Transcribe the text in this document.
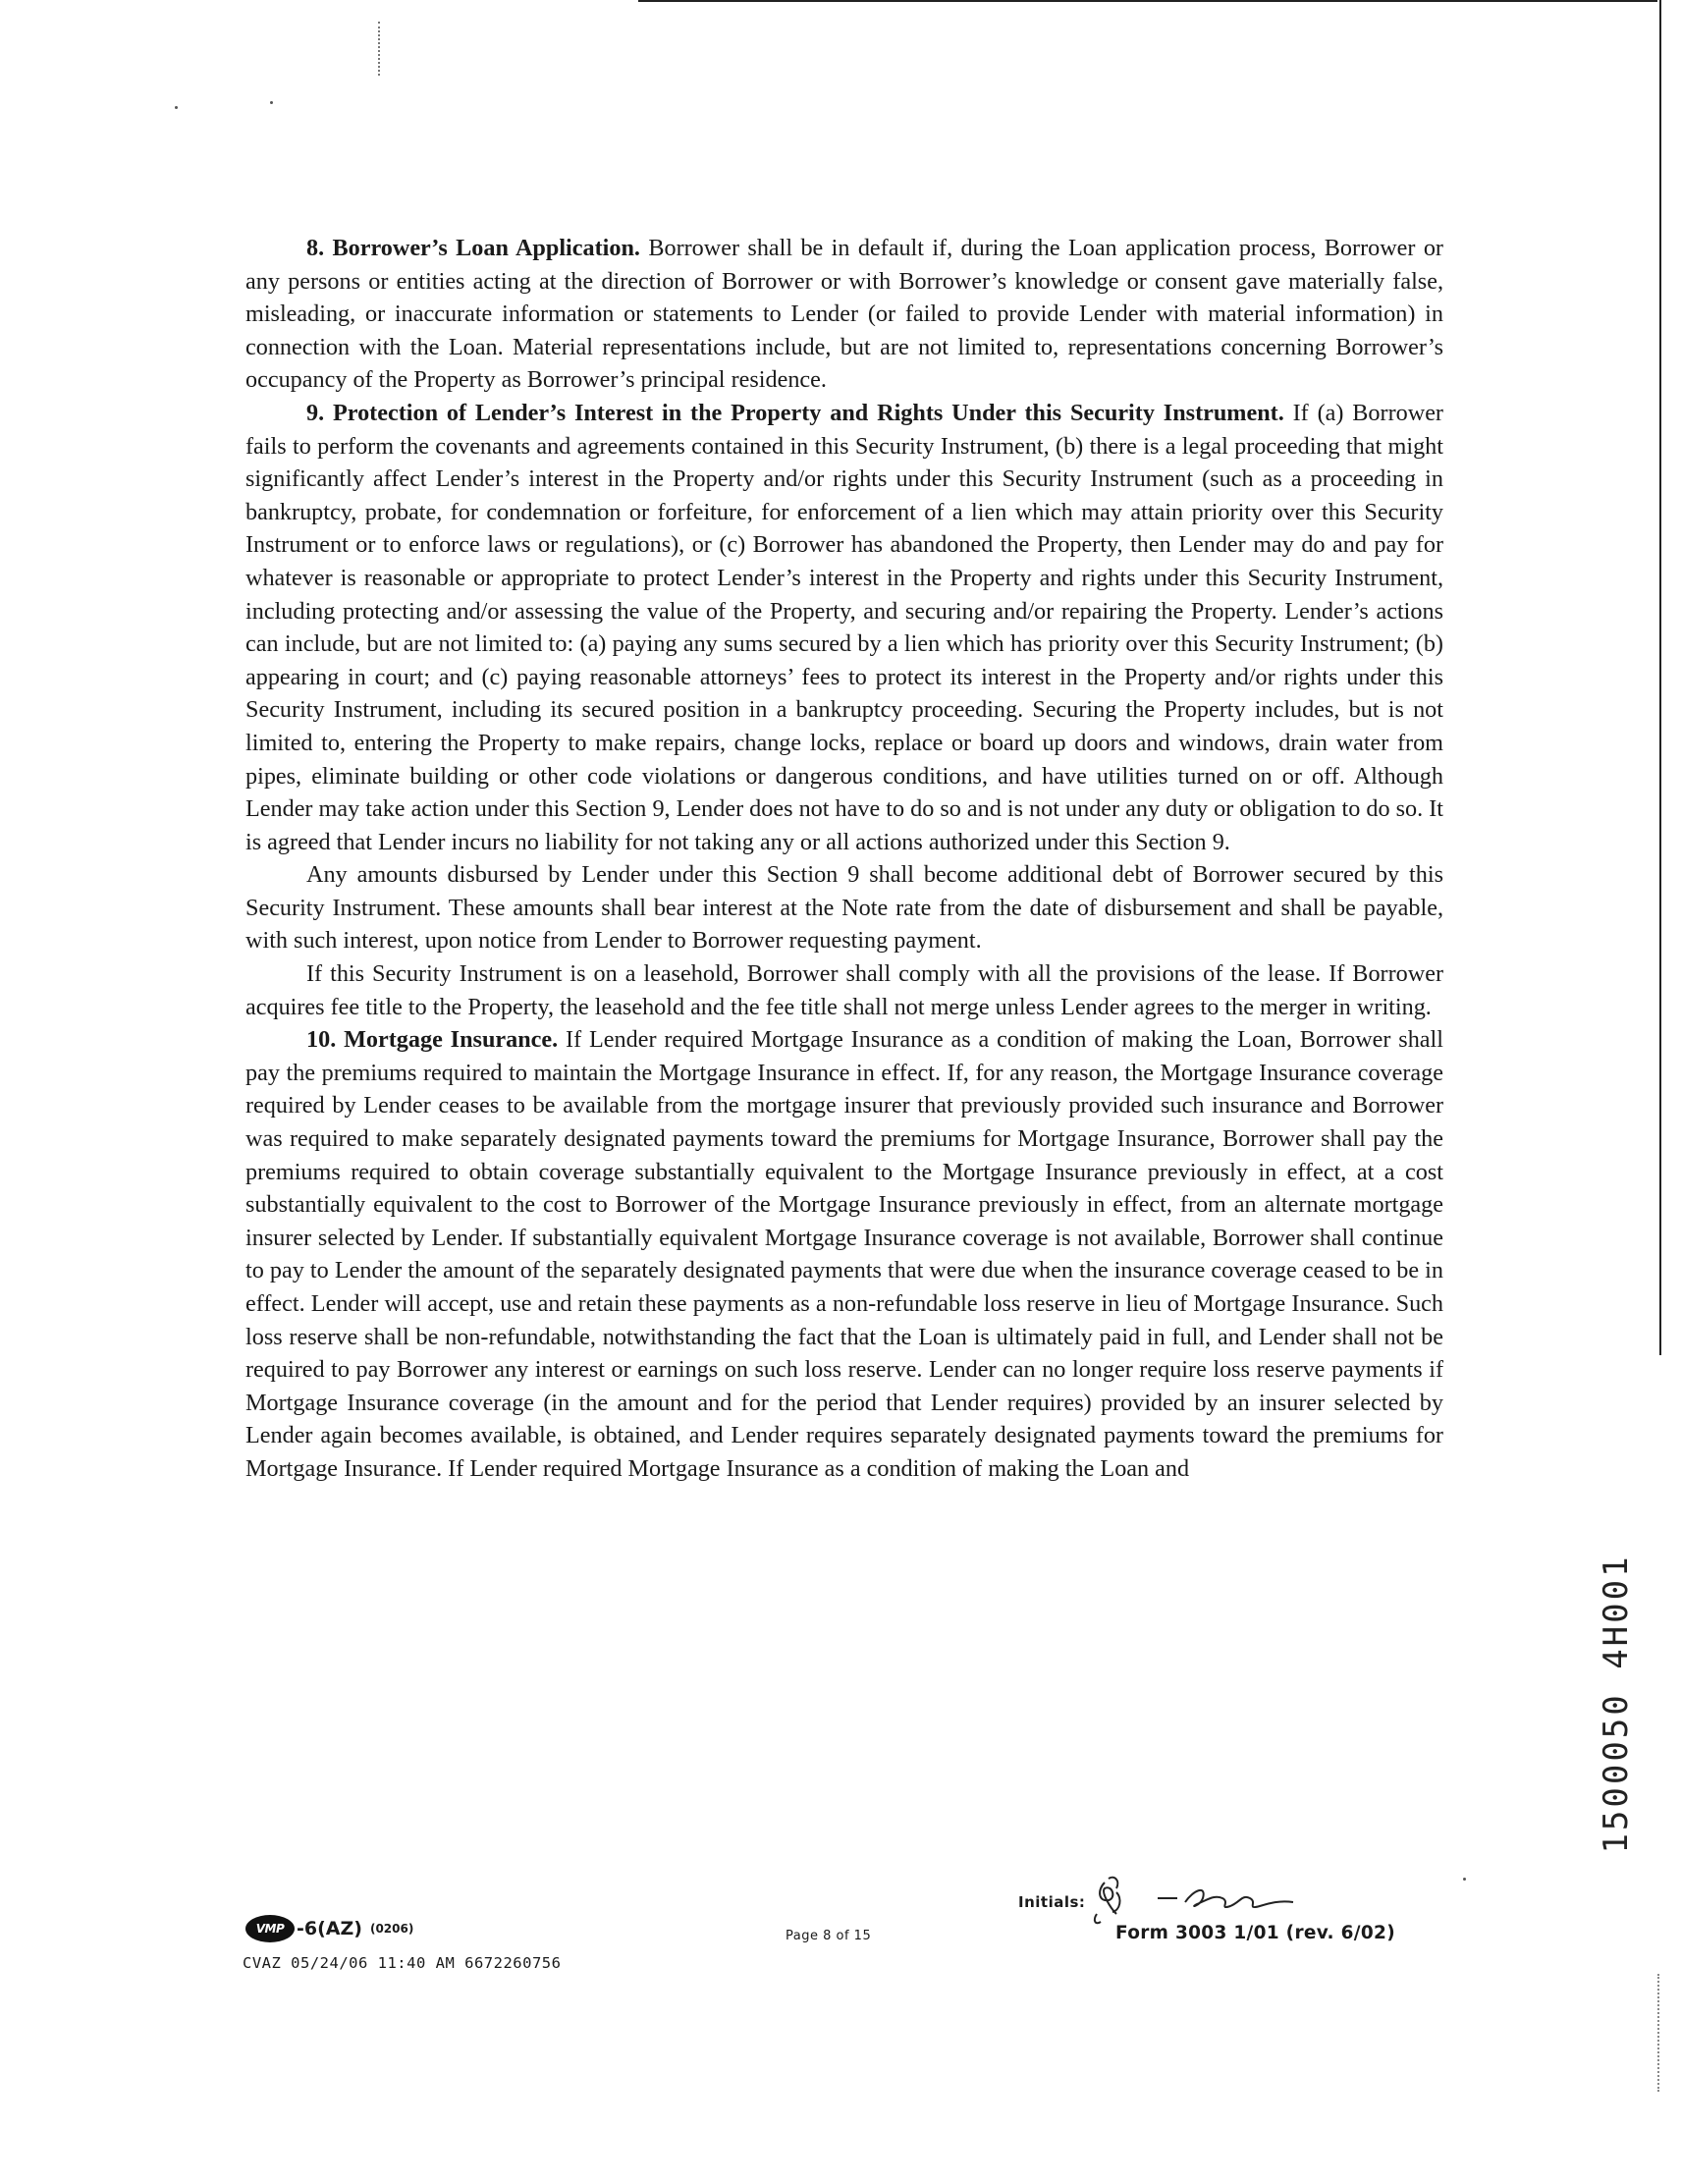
8. Borrower’s Loan Application. Borrower shall be in default if, during the Loan application process, Borrower or any persons or entities acting at the direction of Borrower or with Borrower’s knowledge or consent gave materially false, misleading, or inaccurate information or statements to Lender (or failed to provide Lender with material information) in connection with the Loan. Material representations include, but are not limited to, representations concerning Borrower’s occupancy of the Property as Borrower’s principal residence.

9. Protection of Lender’s Interest in the Property and Rights Under this Security Instrument. If (a) Borrower fails to perform the covenants and agreements contained in this Security Instrument, (b) there is a legal proceeding that might significantly affect Lender’s interest in the Property and/or rights under this Security Instrument (such as a proceeding in bankruptcy, probate, for condemnation or forfeiture, for enforcement of a lien which may attain priority over this Security Instrument or to enforce laws or regulations), or (c) Borrower has abandoned the Property, then Lender may do and pay for whatever is reasonable or appropriate to protect Lender’s interest in the Property and rights under this Security Instrument, including protecting and/or assessing the value of the Property, and securing and/or repairing the Property. Lender’s actions can include, but are not limited to: (a) paying any sums secured by a lien which has priority over this Security Instrument; (b) appearing in court; and (c) paying reasonable attorneys’ fees to protect its interest in the Property and/or rights under this Security Instrument, including its secured position in a bankruptcy proceeding. Securing the Property includes, but is not limited to, entering the Property to make repairs, change locks, replace or board up doors and windows, drain water from pipes, eliminate building or other code violations or dangerous conditions, and have utilities turned on or off. Although Lender may take action under this Section 9, Lender does not have to do so and is not under any duty or obligation to do so. It is agreed that Lender incurs no liability for not taking any or all actions authorized under this Section 9.

Any amounts disbursed by Lender under this Section 9 shall become additional debt of Borrower secured by this Security Instrument. These amounts shall bear interest at the Note rate from the date of disbursement and shall be payable, with such interest, upon notice from Lender to Borrower requesting payment.

If this Security Instrument is on a leasehold, Borrower shall comply with all the provisions of the lease. If Borrower acquires fee title to the Property, the leasehold and the fee title shall not merge unless Lender agrees to the merger in writing.

10. Mortgage Insurance. If Lender required Mortgage Insurance as a condition of making the Loan, Borrower shall pay the premiums required to maintain the Mortgage Insurance in effect. If, for any reason, the Mortgage Insurance coverage required by Lender ceases to be available from the mortgage insurer that previously provided such insurance and Borrower was required to make separately designated payments toward the premiums for Mortgage Insurance, Borrower shall pay the premiums required to obtain coverage substantially equivalent to the Mortgage Insurance previously in effect, at a cost substantially equivalent to the cost to Borrower of the Mortgage Insurance previously in effect, from an alternate mortgage insurer selected by Lender. If substantially equivalent Mortgage Insurance coverage is not available, Borrower shall continue to pay to Lender the amount of the separately designated payments that were due when the insurance coverage ceased to be in effect. Lender will accept, use and retain these payments as a non-refundable loss reserve in lieu of Mortgage Insurance. Such loss reserve shall be non-refundable, notwithstanding the fact that the Loan is ultimately paid in full, and Lender shall not be required to pay Borrower any interest or earnings on such loss reserve. Lender can no longer require loss reserve payments if Mortgage Insurance coverage (in the amount and for the period that Lender requires) provided by an insurer selected by Lender again becomes available, is obtained, and Lender requires separately designated payments toward the premiums for Mortgage Insurance. If Lender required Mortgage Insurance as a condition of making the Loan and

1500050 4H001
VMP -6(AZ) (0206)
CVAZ 05/24/06 11:40 AM 6672260756
Page 8 of 15
Initials:
Form 3003 1/01 (rev. 6/02)
